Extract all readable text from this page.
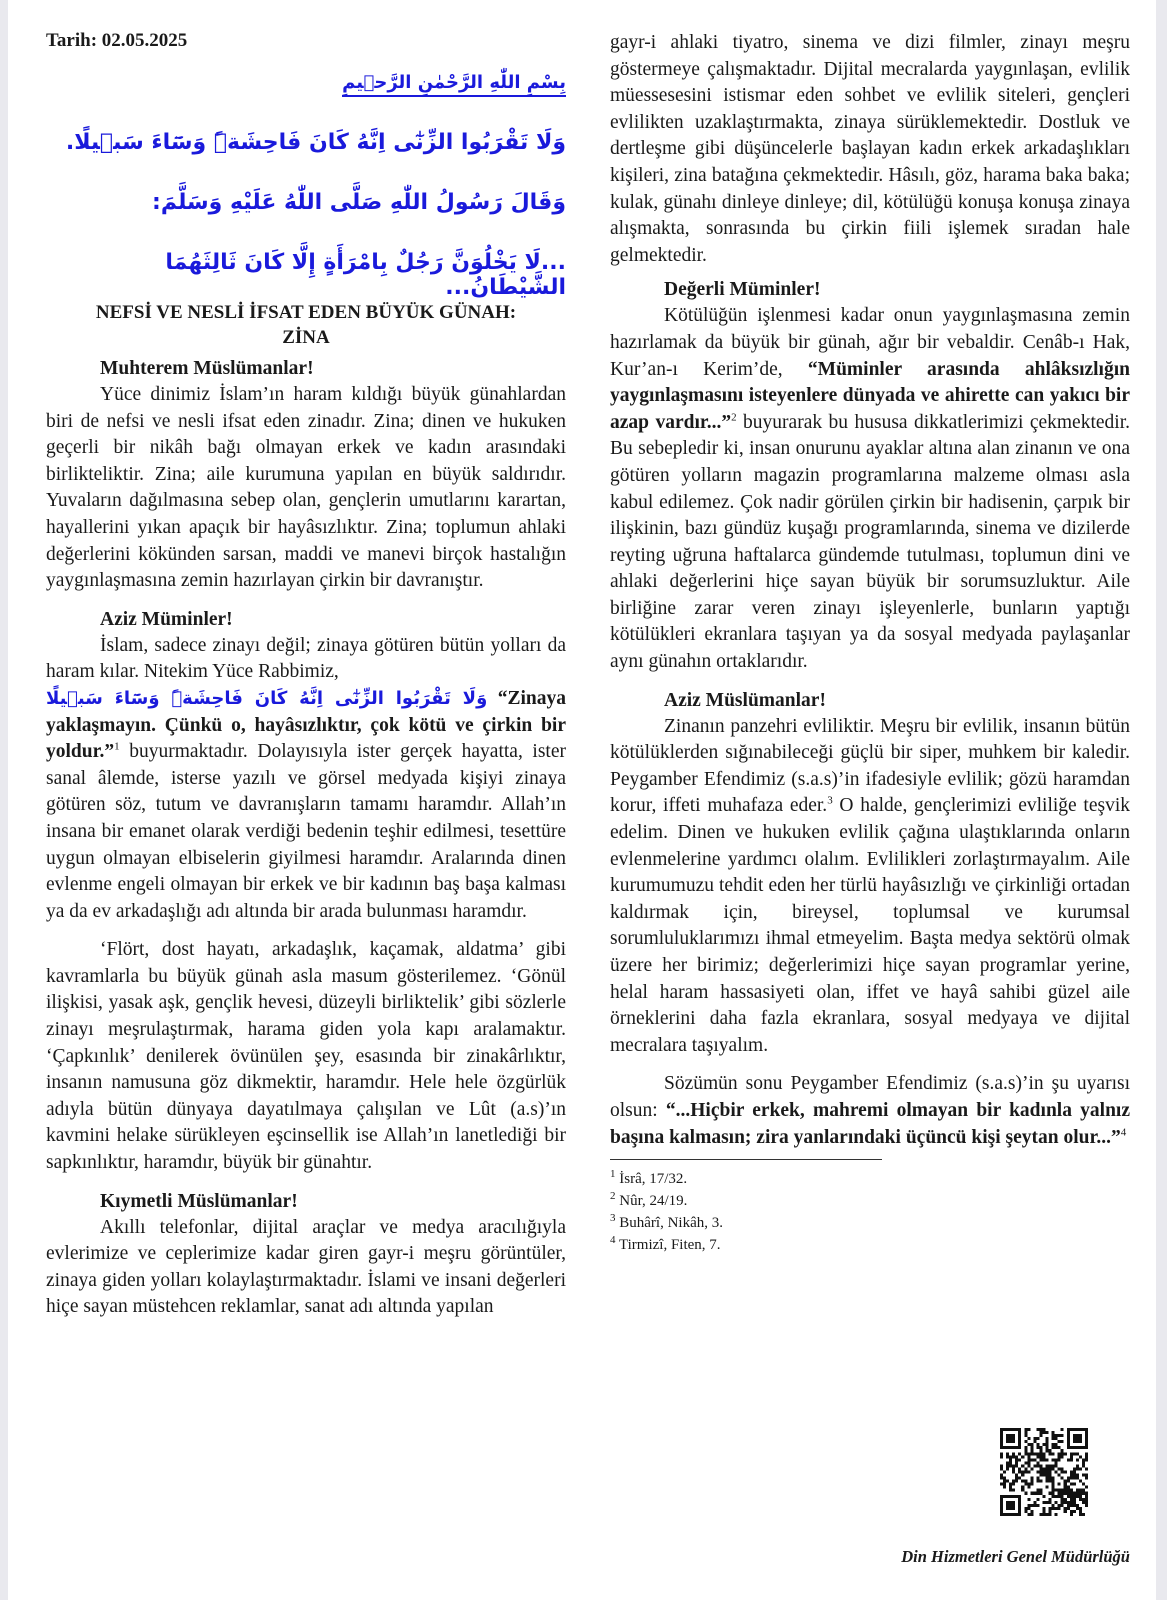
Tarih: 02.05.2025
بِسْمِ اللّٰهِ الرَّحْمٰنِ الرَّح۪يمِ
وَلَا تَقْرَبُوا الزِّنٰٓى اِنَّهُ كَانَ فَاحِشَةًۜ وَسَٓاءَ سَب۪يلًا.
وَقَالَ رَسُولُ اللّٰهِ صَلَّى اللّٰهُ عَلَيْهِ وَسَلَّمَ:
...لَا يَخْلُوَنَّ رَجُلٌ بِامْرَأَةٍ إِلَّا كَانَ ثَالِثَهُمَا الشَّيْطَانُ...
NEFSİ VE NESLİ İFSAT EDEN BÜYÜK GÜNAH:
ZİNA
Muhterem Müslümanlar!

Yüce dinimiz İslam’ın haram kıldığı büyük günahlardan biri de nefsi ve nesli ifsat eden zinadır. Zina; dinen ve hukuken geçerli bir nikâh bağı olmayan erkek ve kadın arasındaki birlikteliktir. Zina; aile kurumuna yapılan en büyük saldırıdır. Yuvaların dağılmasına sebep olan, gençlerin umutlarını karartan, hayallerini yıkan apaçık bir hayâsızlıktır. Zina; toplumun ahlaki değerlerini kökünden sarsan, maddi ve manevi birçok hastalığın yaygınlaşmasına zemin hazırlayan çirkin bir davranıştır.

Aziz Müminler!

İslam, sadece zinayı değil; zinaya götüren bütün yolları da haram kılar. Nitekim Yüce Rabbimiz,
وَلَا تَقْرَبُوا الزِّنٰٓى اِنَّهُ كَانَ فَاحِشَةًۜ وَسَٓاءَ سَب۪يلًا “Zinaya yaklaşmayın. Çünkü o, hayâsızlıktır, çok kötü ve çirkin bir yoldur.”$^1$ buyurmaktadır. Dolayısıyla ister gerçek hayatta, ister sanal âlemde, isterse yazılı ve görsel medyada kişiyi zinaya götüren söz, tutum ve davranışların tamamı haramdır. Allah’ın insana bir emanet olarak verdiği bedenin teşhir edilmesi, tesettüre uygun olmayan elbiselerin giyilmesi haramdır. Aralarında dinen evlenme engeli olmayan bir erkek ve bir kadının baş başa kalması ya da ev arkadaşlığı adı altında bir arada bulunması haramdır.

‘Flört, dost hayatı, arkadaşlık, kaçamak, aldatma’ gibi kavramlarla bu büyük günah asla masum gösterilemez. ‘Gönül ilişkisi, yasak aşk, gençlik hevesi, düzeyli birliktelik’ gibi sözlerle zinayı meşrulaştırmak, harama giden yola kapı aralamaktır. ‘Çapkınlık’ denilerek övünülen şey, esasında bir zinakârlıktır, insanın namusuna göz dikmektir, haramdır. Hele hele özgürlük adıyla bütün dünyaya dayatılmaya çalışılan ve Lût (a.s)’ın kavmini helake sürükleyen eşcinsellik ise Allah’ın lanetlediği bir sapkınlıktır, haramdır, büyük bir günahtır.

Kıymetli Müslümanlar!

Akıllı telefonlar, dijital araçlar ve medya aracılığıyla evlerimize ve ceplerimize kadar giren gayr-i meşru görüntüler, zinaya giden yolları kolaylaştırmaktadır. İslami ve insani değerleri hiçe sayan müstehcen reklamlar, sanat adı altında yapılan

gayr-i ahlaki tiyatro, sinema ve dizi filmler, zinayı meşru göstermeye çalışmaktadır. Dijital mecralarda yaygınlaşan, evlilik müessesesini istismar eden sohbet ve evlilik siteleri, gençleri evlilikten uzaklaştırmakta, zinaya sürüklemektedir. Dostluk ve dertleşme gibi düşüncelerle başlayan kadın erkek arkadaşlıkları kişileri, zina batağına çekmektedir. Hâsılı, göz, harama baka baka; kulak, günahı dinleye dinleye; dil, kötülüğü konuşa konuşa zinaya alışmakta, sonrasında bu çirkin fiili işlemek sıradan hale gelmektedir.

Değerli Müminler!

Kötülüğün işlenmesi kadar onun yaygınlaşmasına zemin hazırlamak da büyük bir günah, ağır bir vebaldir. Cenâb-ı Hak, Kur’an-ı Kerim’de, “Müminler arasında ahlâksızlığın yaygınlaşmasını isteyenlere dünyada ve ahirette can yakıcı bir azap vardır...”$^2$ buyurarak bu hususa dikkatlerimizi çekmektedir. Bu sebepledir ki, insan onurunu ayaklar altına alan zinanın ve ona götüren yolların magazin programlarına malzeme olması asla kabul edilemez. Çok nadir görülen çirkin bir hadisenin, çarpık bir ilişkinin, bazı gündüz kuşağı programlarında, sinema ve dizilerde reyting uğruna haftalarca gündemde tutulması, toplumun dini ve ahlaki değerlerini hiçe sayan büyük bir sorumsuzluktur. Aile birliğine zarar veren zinayı işleyenlerle, bunların yaptığı kötülükleri ekranlara taşıyan ya da sosyal medyada paylaşanlar aynı günahın ortaklarıdır.

Aziz Müslümanlar!

Zinanın panzehri evliliktir. Meşru bir evlilik, insanın bütün kötülüklerden sığınabileceği güçlü bir siper, muhkem bir kaledir. Peygamber Efendimiz (s.a.s)’in ifadesiyle evlilik; gözü haramdan korur, iffeti muhafaza eder.$^3$ O halde, gençlerimizi evliliğe teşvik edelim. Dinen ve hukuken evlilik çağına ulaştıklarında onların evlenmelerine yardımcı olalım. Evlilikleri zorlaştırmayalım. Aile kurumumuzu tehdit eden her türlü hayâsızlığı ve çirkinliği ortadan kaldırmak için, bireysel, toplumsal ve kurumsal sorumluluklarımızı ihmal etmeyelim. Başta medya sektörü olmak üzere her birimiz; değerlerimizi hiçe sayan programlar yerine, helal haram hassasiyeti olan, iffet ve hayâ sahibi güzel aile örneklerini daha fazla ekranlara, sosyal medyaya ve dijital mecralara taşıyalım.

Sözümün sonu Peygamber Efendimiz (s.a.s)’in şu uyarısı olsun: “...Hiçbir erkek, mahremi olmayan bir kadınla yalnız başına kalmasın; zira yanlarındaki üçüncü kişi şeytan olur...”$^4$

$^1$ İsrâ, 17/32.
$^2$ Nûr, 24/19.
$^3$ Buhârî, Nikâh, 3.
$^4$ Tirmizî, Fiten, 7.
Din Hizmetleri Genel Müdürlüğü
